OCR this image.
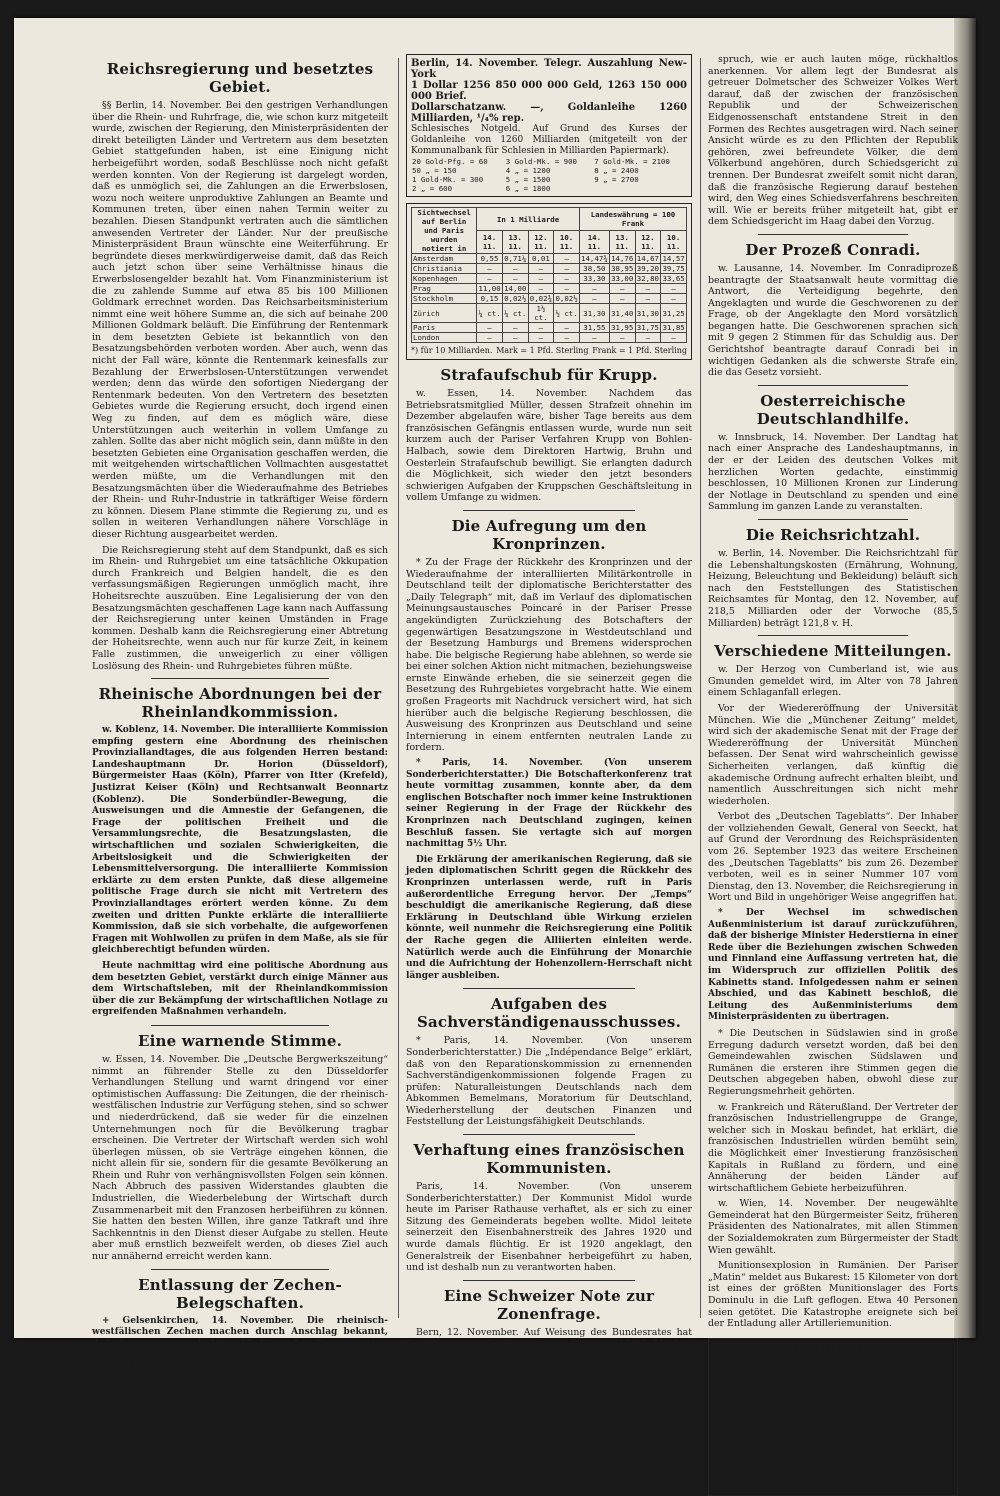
Reichsregierung und besetztes Gebiet.

§§ Berlin, 14. November. Bei den gestrigen Verhandlungen über die Rhein- und Ruhrfrage, die, wie schon kurz mitgeteilt wurde, zwischen der Regierung, den Ministerpräsidenten der direkt beteiligten Länder und Vertretern aus dem besetzten Gebiet stattgefunden haben, ist eine Einigung nicht herbeigeführt worden, sodaß Beschlüsse noch nicht gefaßt werden konnten. Von der Regierung ist dargelegt worden, daß es unmöglich sei, die Zahlungen an die Erwerbslosen, wozu noch weitere unproduktive Zahlungen an Beamte und Kommunen treten, über einen nahen Termin weiter zu bezahlen. Diesen Standpunkt vertraten auch die sämtlichen anwesenden Vertreter der Länder. Nur der preußische Ministerpräsident Braun wünschte eine Weiterführung. Er begründete dieses merkwürdigerweise damit, daß das Reich auch jetzt schon über seine Verhältnisse hinaus die Erwerbslosengelder bezahlt hat. Vom Finanzministerium ist die zu zahlende Summe auf etwa 85 bis 100 Millionen Goldmark errechnet worden. Das Reichsarbeitsministerium nimmt eine weit höhere Summe an, die sich auf beinahe 200 Millionen Goldmark beläuft. Die Einführung der Rentenmark in dem besetzten Gebiete ist bekanntlich von den Besatzungsbehörden verboten worden. Aber auch, wenn das nicht der Fall wäre, könnte die Rentenmark keinesfalls zur Bezahlung der Erwerbslosen-Unterstützungen verwendet werden; denn das würde den sofortigen Niedergang der Rentenmark bedeuten. Von den Vertretern des besetzten Gebietes wurde die Regierung ersucht, doch irgend einen Weg zu finden, auf dem es möglich wäre, diese Unterstützungen auch weiterhin in vollem Umfange zu zahlen. Sollte das aber nicht möglich sein, dann müßte in den besetzten Gebieten eine Organisation geschaffen werden, die mit weitgehenden wirtschaftlichen Vollmachten ausgestattet werden müßte, um die Verhandlungen mit den Besatzungsmächten über die Wiederaufnahme des Betriebes der Rhein- und Ruhr-Industrie in tatkräftiger Weise fördern zu können. Diesem Plane stimmte die Regierung zu, und es sollen in weiteren Verhandlungen nähere Vorschläge in dieser Richtung ausgearbeitet werden.

Die Reichsregierung steht auf dem Standpunkt, daß es sich im Rhein- und Ruhrgebiet um eine tatsächliche Okkupation durch Frankreich und Belgien handelt, die es den verfassungsmäßigen Regierungen unmöglich macht, ihre Hoheitsrechte auszuüben. Eine Legalisierung der von den Besatzungsmächten geschaffenen Lage kann nach Auffassung der Reichsregierung unter keinen Umständen in Frage kommen. Deshalb kann die Reichsregierung einer Abtretung der Hoheitsrechte, wenn auch nur für kurze Zeit, in keinem Falle zustimmen, die unweigerlich zu einer völligen Loslösung des Rhein- und Ruhrgebietes führen müßte.

Rheinische Abordnungen bei der Rheinlandkommission.

w. Koblenz, 14. November. Die interalliierte Kommission empfing gestern eine Abordnung des rheinischen Provinziallandtages, die aus folgenden Herren bestand: Landeshauptmann Dr. Horion (Düsseldorf), Bürgermeister Haas (Köln), Pfarrer von Itter (Krefeld), Justizrat Keiser (Köln) und Rechtsanwalt Beonnartz (Koblenz). Die Sonderbündler-Bewegung, die Ausweisungen und die Amnestie der Gefangenen, die Frage der politischen Freiheit und die Versammlungsrechte, die Besatzungslasten, die wirtschaftlichen und sozialen Schwierigkeiten, die Arbeitslosigkeit und die Schwierigkeiten der Lebensmittelversorgung. Die interalliierte Kommission erklärte zu dem ersten Punkte, daß diese allgemeine politische Frage durch sie nicht mit Vertretern des Provinziallandtages erörtert werden könne. Zu dem zweiten und dritten Punkte erklärte die interalliierte Kommission, daß sie sich vorbehalte, die aufgeworfenen Fragen mit Wohlwollen zu prüfen in dem Maße, als sie für gleichberechtigt befunden würden.

Heute nachmittag wird eine politische Abordnung aus dem besetzten Gebiet, verstärkt durch einige Männer aus dem Wirtschaftsleben, mit der Rheinlandkommission über die zur Bekämpfung der wirtschaftlichen Notlage zu ergreifenden Maßnahmen verhandeln.

Eine warnende Stimme.

w. Essen, 14. November. Die „Deutsche Bergwerkszeitung“ nimmt an führender Stelle zu den Düsseldorfer Verhandlungen Stellung und warnt dringend vor einer optimistischen Auffassung: Die Zeitungen, die der rheinisch-westfälischen Industrie zur Verfügung stehen, sind so schwer und niederdrückend, daß sie weder für die einzelnen Unternehmungen noch für die Bevölkerung tragbar erscheinen. Die Vertreter der Wirtschaft werden sich wohl überlegen müssen, ob sie Verträge eingehen können, die nicht allein für sie, sondern für die gesamte Bevölkerung an Rhein und Ruhr von verhängnisvollsten Folgen sein können. Nach Abbruch des passiven Widerstandes glaubten die Industriellen, die Wiederbelebung der Wirtschaft durch Zusammenarbeit mit den Franzosen herbeiführen zu können. Sie hatten den besten Willen, ihre ganze Tatkraft und ihre Sachkenntnis in den Dienst dieser Aufgabe zu stellen. Heute aber muß ernstlich bezweifelt werden, ob dieses Ziel auch nur annähernd erreicht werden kann.

Entlassung der Zechen-Belegschaften.

+ Gelsenkirchen, 14. November. Die rheinisch-westfälischen Zechen machen durch Anschlag bekannt, daß sie gezwungen sind, am 15. November ihre gesamten Belegschaften zu entlassen. Begründet wird diese Maßnahme mit mangelnden Betriebsmitteln sowie vor allem mit der Haltung der französischen Besatzungsbehörden, die eine Wiederaufnahme des Betriebes zur Unmöglichkeit machen.

Berlin, 14. November. Telegr. Auszahlung New-York
1 Dollar 1256 850 000 000 Geld, 1263 150 000 000 Brief.
Dollarschatzanw. —, Goldanleihe 1260 Milliarden, ¹/₄% rep.
Schlesisches Notgeld. Auf Grund des Kurses der Goldanleihe von 1260 Milliarden (mitgeteilt von der Kommunalbank für Schlesien in Milliarden Papiermark).
20 Gold-Pfg. = 60	3 Gold-Mk. = 900	7 Gold-Mk. = 2100
50 „ = 150	4 „ = 1200	8 „ = 2400
1 Gold-Mk. = 300	5 „ = 1500	9 „ = 2700
2 „ = 600	6 „ = 1800	
Sichtwechsel auf Berlin und Paris wurden notiert in	In 1 Milliarde				Landeswährung = 100 Frank			
	14. 11.	13. 11.	12. 11.	10. 11.	14. 11.	13. 11.	12. 11.	10. 11.
Amsterdam	0,55	0,71¼	0,01	—	14,47¾	14,76	14,67	14,57
Christiania	—	—	—	—	38,50	38,95	39,20	39,75
Kopenhagen	—	—	—	—	33,30	33,00	32,80	33,65
Prag	11,00	14,00	—	—	—	—	—	—
Stockholm	0,15	0,02½	0,02¾	0,02½	—	—	—	—
Zürich	¼ ct.	¼ ct.	1½ ct.	½ ct.	31,30	31,40	31,30	31,25
Paris	—	—	—	—	31,55	31,95	31,75	31,85
London	—	—	—	—	—	—	—	—
*) für 10 Milliarden. Mark = 1 Pfd. Sterling Frank = 1 Pfd. Sterling
Strafaufschub für Krupp.

w. Essen, 14. November. Nachdem das Betriebsratsmitglied Müller, dessen Strafzeit ohnehin im Dezember abgelaufen wäre, bisher Tage bereits aus dem französischen Gefängnis entlassen wurde, wurde nun seit kurzem auch der Pariser Verfahren Krupp von Bohlen-Halbach, sowie dem Direktoren Hartwig, Bruhn und Oesterlein Strafaufschub bewilligt. Sie erlangten dadurch die Möglichkeit, sich wieder den jetzt besonders schwierigen Aufgaben der Kruppschen Geschäftsleitung in vollem Umfange zu widmen.

Die Aufregung um den Kronprinzen.

* Zu der Frage der Rückkehr des Kronprinzen und der Wiederaufnahme der interalliierten Militärkontrolle in Deutschland teilt der diplomatische Berichterstatter des „Daily Telegraph“ mit, daß im Verlauf des diplomatischen Meinungsaustausches Poincaré in der Pariser Presse angekündigten Zurückziehung des Botschafters der gegenwärtigen Besatzungszone in Westdeutschland und der Besetzung Hamburgs und Bremens widersprochen habe. Die belgische Regierung habe ablehnen, so werde sie bei einer solchen Aktion nicht mitmachen, beziehungsweise ernste Einwände erheben, die sie seinerzeit gegen die Besetzung des Ruhrgebietes vorgebracht hatte. Wie einem großen Frageorts mit Nachdruck versichert wird, hat sich hierüber auch die belgische Regierung beschlossen, die Ausweisung des Kronprinzen aus Deutschland und seine Internierung in einem entfernten neutralen Lande zu fordern.

* Paris, 14. November. (Von unserem Sonderberichterstatter.) Die Botschafterkonferenz trat heute vormittag zusammen, konnte aber, da dem englischen Botschafter noch immer keine Instruktionen seiner Regierung in der Frage der Rückkehr des Kronprinzen nach Deutschland zugingen, keinen Beschluß fassen. Sie vertagte sich auf morgen nachmittag 5½ Uhr.

Die Erklärung der amerikanischen Regierung, daß sie jeden diplomatischen Schritt gegen die Rückkehr des Kronprinzen unterlassen werde, ruft in Paris außerordentliche Erregung hervor. Der „Temps“ beschuldigt die amerikanische Regierung, daß diese Erklärung in Deutschland üble Wirkung erzielen könnte, weil nunmehr die Reichsregierung eine Politik der Rache gegen die Alliierten einleiten werde. Natürlich werde auch die Einführung der Monarchie und die Aufrichtung der Hohenzollern-Herrschaft nicht länger ausbleiben.

Aufgaben des Sachverständigenausschusses.

* Paris, 14. November. (Von unserem Sonderberichterstatter.) Die „Indépendance Belge“ erklärt, daß von den Reparationskommission zu ernennenden Sachverständigenkommissionen folgende Fragen zu prüfen: Naturalleistungen Deutschlands nach dem Abkommen Bemelmans, Moratorium für Deutschland, Wiederherstellung der deutschen Finanzen und Feststellung der Leistungsfähigkeit Deutschlands.

Verhaftung eines französischen Kommunisten.

Paris, 14. November. (Von unserem Sonderberichterstatter.) Der Kommunist Midol wurde heute im Pariser Rathause verhaftet, als er sich zu einer Sitzung des Gemeinderats begeben wollte. Midol leitete seinerzeit den Eisenbahnerstreik des Jahres 1920 und wurde damals flüchtig. Er ist 1920 angeklagt, den Generalstreik der Eisenbahner herbeigeführt zu haben, und ist deshalb nun zu verantworten haben.

Eine Schweizer Note zur Zonenfrage.

Bern, 12. November. Auf Weisung des Bundesrates hat der schweizerische Gesandte in Paris am 13. d. M. dem Präsidenten des französischen Ministerrates und Minister des Äußeren Poincaré eine Note überreicht, in der es u. a. heißt: Die angekündigte Errichtung des Zollgürtels entspricht nicht dem Willen des Bundesrates, der sich durch diesen Schritt in eine Lage gedrängt sieht, die ihn zwingt, die freie Zone in ihrer gegenwärtigen Form zu verteidigen. Der Bundesrat ist in jeder Hinsicht bereit, um die Einrichtung des französischen Zollgürtels zu erörtern, einem Übereinkommen die Zustimmung zu geben, das auf gerechter und billiger Grundlage ruht. Er ist auch bereit, die Frage einem Schiedsgericht zu unterbreiten.

spruch, wie er auch lauten möge, rückhaltlos anerkennen. Vor allem legt der Bundesrat als getreuer Dolmetscher des Schweizer Volkes Wert darauf, daß der zwischen der französischen Republik und der Schweizerischen Eidgenossenschaft entstandene Streit in den Formen des Rechtes ausgetragen wird. Nach seiner Ansicht würde es zu den Pflichten der Republik gehören, zwei befreundete Völker, die dem Völkerbund angehören, durch Schiedsgericht zu trennen. Der Bundesrat zweifelt somit nicht daran, daß die französische Regierung darauf bestehen wird, den Weg eines Schiedsverfahrens beschreiten will. Wie er bereits früher mitgeteilt hat, gibt er dem Schiedsgericht im Haag dabei den Vorzug.

Der Prozeß Conradi.

w. Lausanne, 14. November. Im Conradiprozeß beantragte der Staatsanwalt heute vormittag die Antwort, die Verteidigung begehrte, den Angeklagten und wurde die Geschworenen zu der Frage, ob der Angeklagte den Mord vorsätzlich begangen hatte. Die Geschworenen sprachen sich mit 9 gegen 2 Stimmen für das Schuldig aus. Der Gerichtshof beantragte darauf Conradi bei in wichtigen Gedanken als die schwerste Strafe ein, die das Gesetz vorsieht.

Oesterreichische Deutschlandhilfe.

w. Innsbruck, 14. November. Der Landtag hat nach einer Ansprache des Landeshauptmanns, in der er der Leiden des deutschen Volkes mit herzlichen Worten gedachte, einstimmig beschlossen, 10 Millionen Kronen zur Linderung der Notlage in Deutschland zu spenden und eine Sammlung im ganzen Lande zu veranstalten.

Die Reichsrichtzahl.

w. Berlin, 14. November. Die Reichsrichtzahl für die Lebenshaltungskosten (Ernährung, Wohnung, Heizung, Beleuchtung und Bekleidung) beläuft sich nach den Feststellungen des Statistischen Reichsamtes für Montag, den 12. November, auf 218,5 Milliarden oder der Vorwoche (85,5 Milliarden) beträgt 121,8 v. H.

Verschiedene Mitteilungen.

w. Der Herzog von Cumberland ist, wie aus Gmunden gemeldet wird, im Alter von 78 Jahren einem Schlaganfall erlegen.

Vor der Wiedereröffnung der Universität München. Wie die „Münchener Zeitung“ meldet, wird sich der akademische Senat mit der Frage der Wiedereröffnung der Universität München befassen. Der Senat wird wahrscheinlich gewisse Sicherheiten verlangen, daß künftig die akademische Ordnung aufrecht erhalten bleibt, und namentlich Ausschreitungen sich nicht mehr wiederholen.

Verbot des „Deutschen Tageblatts“. Der Inhaber der vollziehenden Gewalt, General von Seeckt, hat auf Grund der Verordnung des Reichspräsidenten vom 26. September 1923 das weitere Erscheinen des „Deutschen Tageblatts“ bis zum 26. Dezember verboten, weil es in seiner Nummer 107 vom Dienstag, den 13. November, die Reichsregierung in Wort und Bild in ungehöriger Weise angegriffen hat.

* Der Wechsel im schwedischen Außenministerium ist darauf zurückzuführen, daß der bisherige Minister Hederstierna in einer Rede über die Beziehungen zwischen Schweden und Finnland eine Auffassung vertreten hat, die im Widerspruch zur offiziellen Politik des Kabinetts stand. Infolgedessen nahm er seinen Abschied, und das Kabinett beschloß, die Leitung des Außenministeriums dem Ministerpräsidenten zu übertragen.

* Die Deutschen in Südslawien sind in große Erregung dadurch versetzt worden, daß bei den Gemeindewahlen zwischen Südslawen und Rumänen die ersteren ihre Stimmen gegen die Deutschen abgegeben haben, obwohl diese zur Regierungsmehrheit gehörten.

w. Frankreich und Räterußland. Der Vertreter der französischen Industriellengruppe de Grange, welcher sich in Moskau befindet, hat erklärt, die französischen Industriellen würden bemüht sein, die Möglichkeit einer Investierung französischen Kapitals in Rußland zu fördern, und eine Annäherung der beiden Länder auf wirtschaftlichem Gebiete herbeizuführen.

w. Wien, 14. November. Der neugewählte Gemeinderat hat den Bürgermeister Seitz, früheren Präsidenten des Nationalrates, mit allen Stimmen der Sozialdemokraten zum Bürgermeister der Stadt Wien gewählt.

Munitionsexplosion in Rumänien. Der Pariser „Matin“ meldet aus Bukarest: 15 Kilometer von dort ist eines der größten Munitionslager des Forts Dominulu in die Luft geflogen. Etwa 40 Personen seien getötet. Die Katastrophe ereignete sich bei der Entladung aller Artilleriemunition.

Goldmark.

Du liebe Goldmark, spukhaft ist dein Wesen,

In deiner Seele läßt man schwer zu lesen.

Der Sucher hascht mit Mühe dich am Gürtel.

Wie steht's? Bist du ein bloßes Dollarviertel?

Bist du die Mark der Dollarschatzanweisung?

Gibt du dem Kurs der Goldanleihe Speisung?

Notiert wirst du in jedem Fall verschieden,

Der Grübler schwankt, und nie ist er zufrieden.

Kommt er dahinter, dünkt er sich ein König,

Doch, leider hat man nur von dir zu wenig!

Th.
